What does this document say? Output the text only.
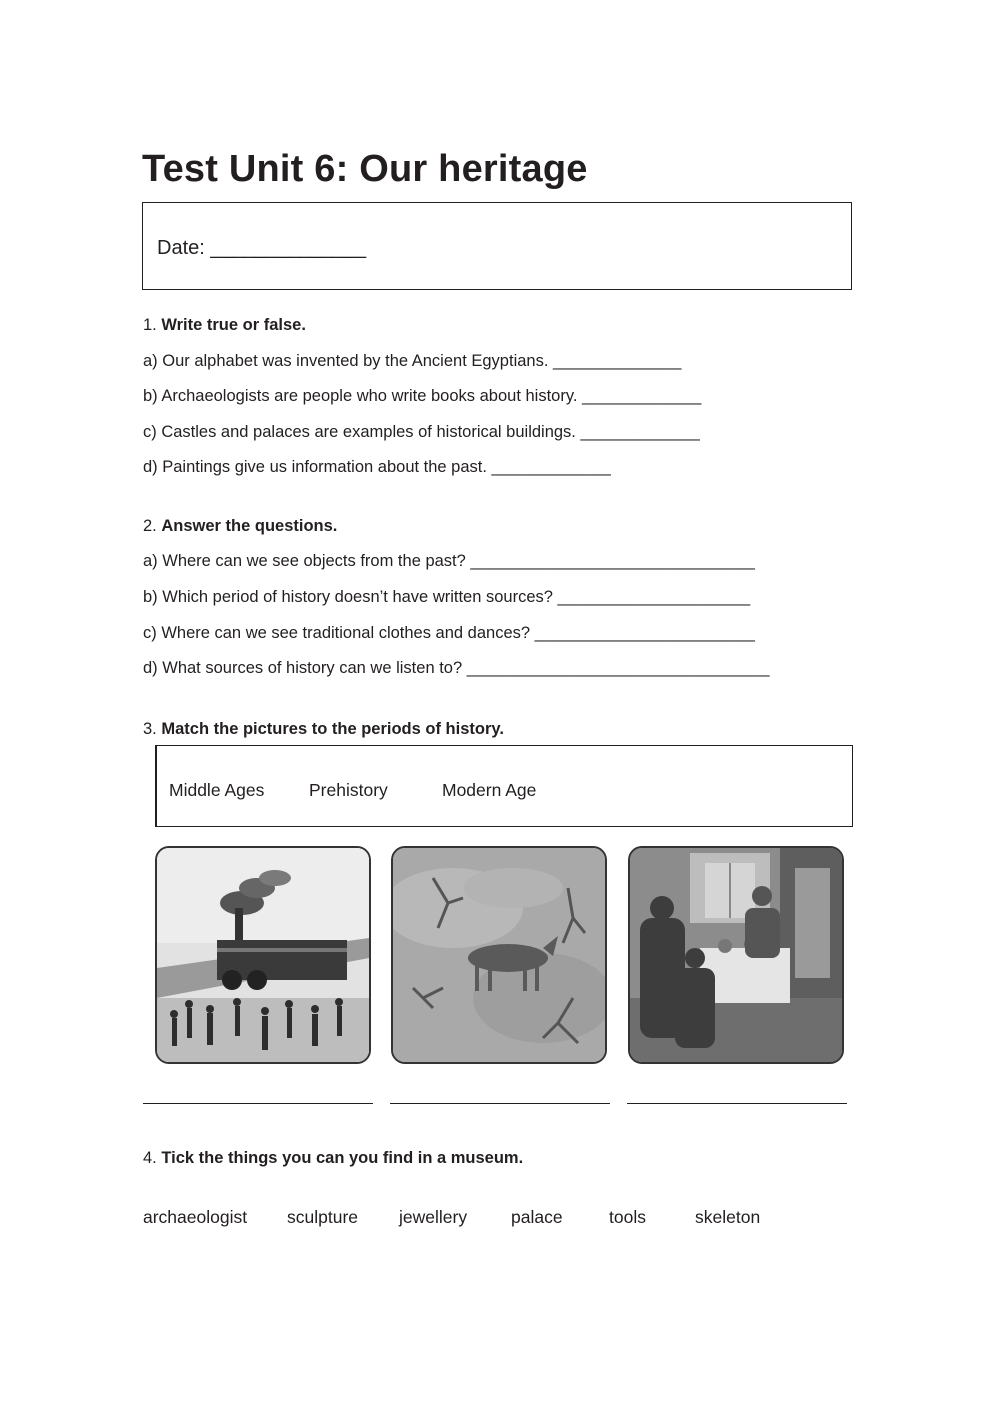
Test Unit 6: Our heritage
Date: ______________
1. Write true or false.
a) Our alphabet was invented by the Ancient Egyptians. ______________
b) Archaeologists are people who write books about history. _____________
c) Castles and palaces are examples of historical buildings. _____________
d) Paintings give us information about the past. _____________
2. Answer the questions.
a) Where can we see objects from the past? _______________________________
b) Which period of history doesn’t have written sources? _____________________
c) Where can we see traditional clothes and dances? ________________________
d) What sources of history can we listen to? _________________________________
3. Match the pictures to the periods of history.
Middle Ages	Prehistory	Modern Age
4. Tick the things you can you find in a museum.
archaeologist sculpture jewellery	palace	tools	skeleton
